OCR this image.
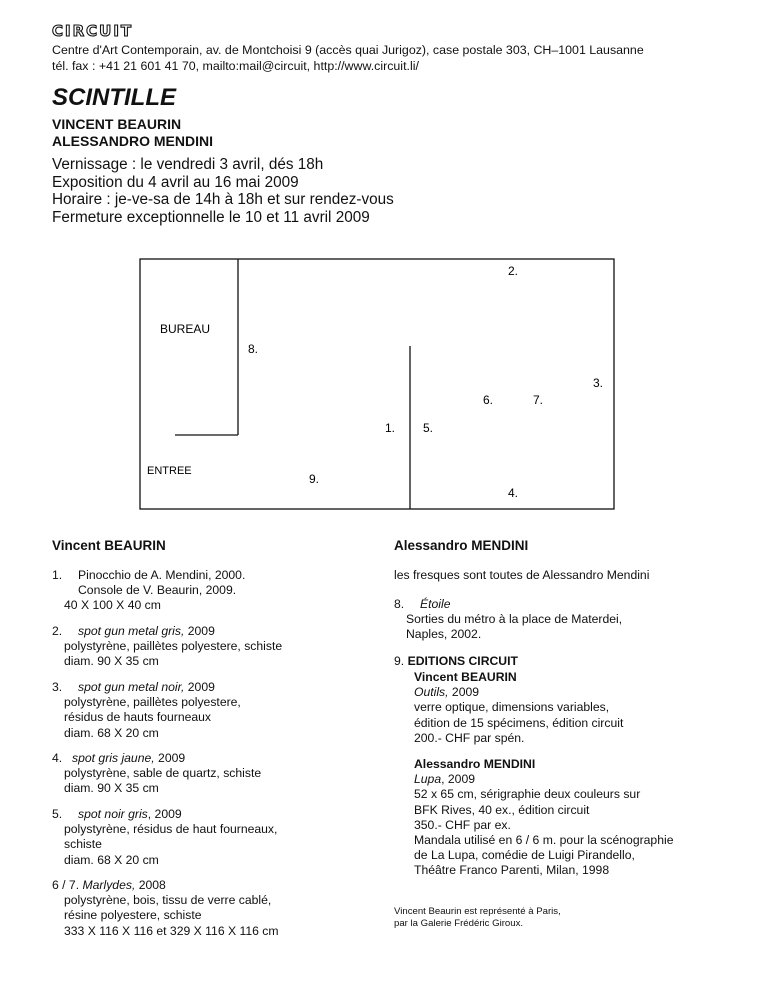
CIRCUIT
Centre d'Art Contemporain, av. de Montchoisi 9 (accès quai Jurigoz), case postale 303, CH–1001 Lausanne
tél. fax : +41 21 601 41 70, mailto:mail@circuit, http://www.circuit.li/
SCINTILLE
VINCENT BEAURIN
ALESSANDRO MENDINI
Vernissage : le vendredi 3 avril, dés 18h
Exposition du 4 avril au 16 mai 2009
Horaire : je-ve-sa de 14h à 18h et sur rendez-vous
Fermeture exceptionnelle le 10 et 11 avril 2009
BUREAU
ENTREE
2.
8.
3.
6.	7.
1. 5.
9.
4.
Vincent BEAURIN
1. Pinocchio de A. Mendini, 2000.
Console de V. Beaurin, 2009.
40 X 100 X 40 cm
2. spot gun metal gris, 2009
polystyrène, paillètes polyestere, schiste
diam. 90 X 35 cm
3. spot gun metal noir, 2009
polystyrène, paillètes polyestere,
résidus de hauts fourneaux
diam. 68 X 20 cm
4. spot gris jaune, 2009
polystyrène, sable de quartz, schiste
diam. 90 X 35 cm
5. spot noir gris, 2009
polystyrène, résidus de haut fourneaux,
schiste
diam. 68 X 20 cm
6 / 7. Marlydes, 2008
polystyrène, bois, tissu de verre cablé,
résine polyestere, schiste
333 X 116 X 116 et 329 X 116 X 116 cm
Alessandro MENDINI
les fresques sont toutes de Alessandro Mendini
8. Étoile
Sorties du métro à la place de Materdei,
Naples, 2002.
9. EDITIONS CIRCUIT
Vincent BEAURIN
Outils, 2009
verre optique, dimensions variables,
édition de 15 spécimens, édition circuit
200.- CHF par spén.
Alessandro MENDINI
Lupa, 2009
52 x 65 cm, sérigraphie deux couleurs sur
BFK Rives, 40 ex., édition circuit
350.- CHF par ex.
Mandala utilisé en 6 / 6 m. pour la scénographie
de La Lupa, comédie de Luigi Pirandello,
Théâtre Franco Parenti, Milan, 1998
Vincent Beaurin est représenté à Paris,
par la Galerie Frédéric Giroux.
